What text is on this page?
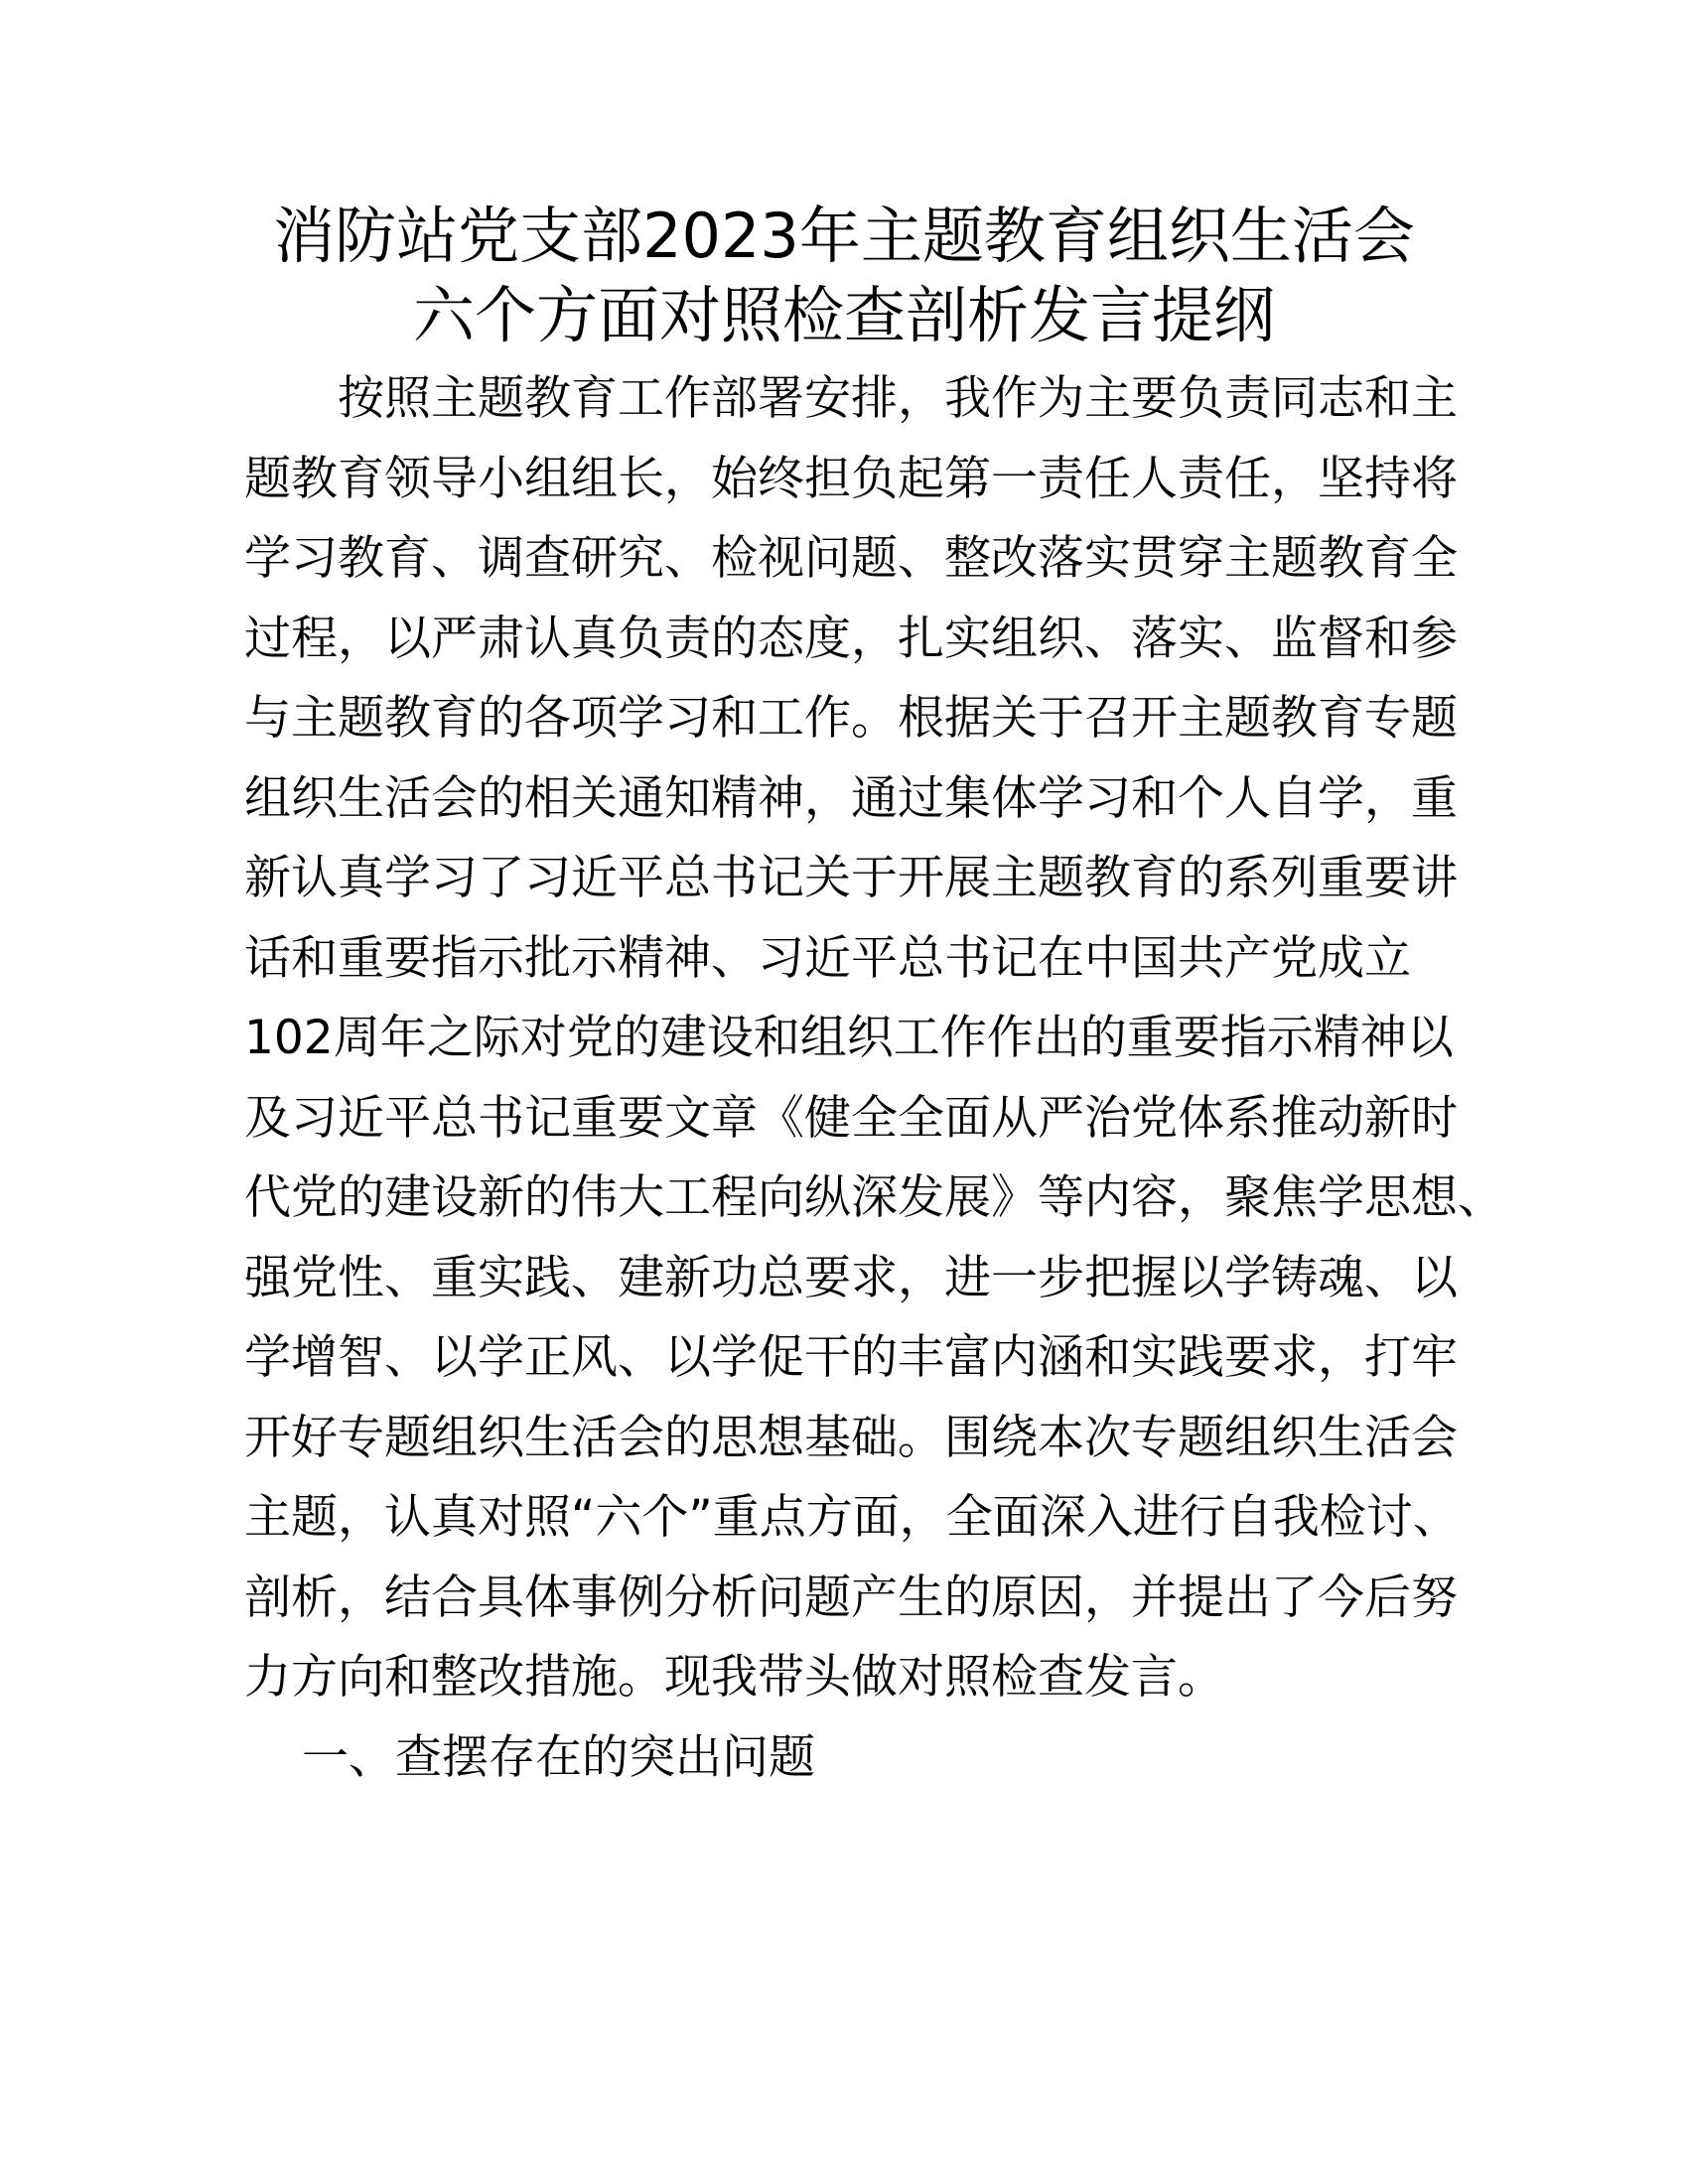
消防站党支部2023年主题教育组织生活会
六个方面对照检查剖析发言提纲
按照主题教育工作部署安排，我作为主要负责同志和主
题教育领导小组组长，始终担负起第一责任人责任，坚持将
学习教育、调查研究、检视问题、整改落实贯穿主题教育全
过程，以严肃认真负责的态度，扎实组织、落实、监督和参
与主题教育的各项学习和工作。根据关于召开主题教育专题
组织生活会的相关通知精神，通过集体学习和个人自学，重
新认真学习了习近平总书记关于开展主题教育的系列重要讲
话和重要指示批示精神、习近平总书记在中国共产党成立
102周年之际对党的建设和组织工作作出的重要指示精神以
及习近平总书记重要文章《健全全面从严治党体系推动新时
代党的建设新的伟大工程向纵深发展》等内容，聚焦学思想、
强党性、重实践、建新功总要求，进一步把握以学铸魂、以
学增智、以学正风、以学促干的丰富内涵和实践要求，打牢
开好专题组织生活会的思想基础。围绕本次专题组织生活会
主题，认真对照“六个”重点方面，全面深入进行自我检讨、
剖析，结合具体事例分析问题产生的原因，并提出了今后努
力方向和整改措施。现我带头做对照检查发言。
一、查摆存在的突出问题
